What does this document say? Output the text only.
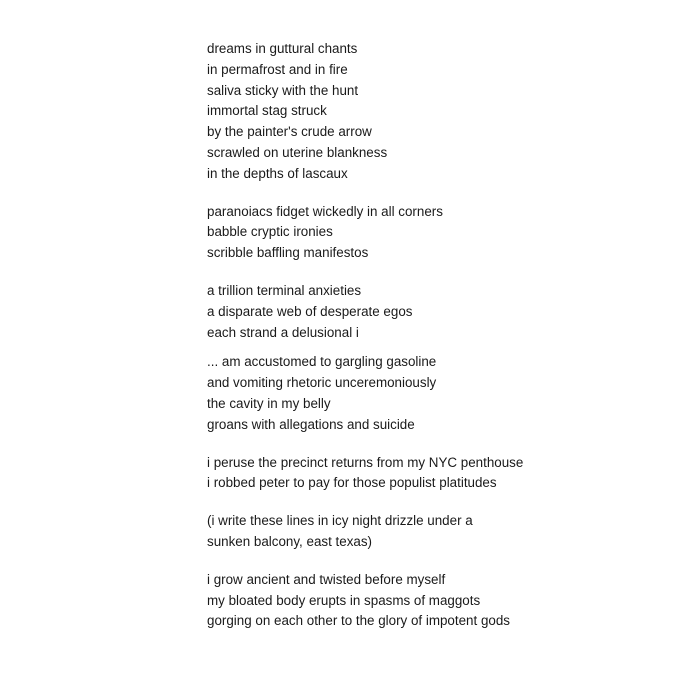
dreams in guttural chants
in permafrost and in fire
saliva sticky with the hunt
immortal stag struck
by the painter's crude arrow
scrawled on uterine blankness
in the depths of lascaux
paranoiacs fidget wickedly in all corners
babble cryptic ironies
scribble baffling manifestos
a trillion terminal anxieties
a disparate web of desperate egos
each strand a delusional i
... am accustomed to gargling gasoline
and vomiting rhetoric unceremoniously
the cavity in my belly
groans with allegations and suicide
i peruse the precinct returns from my NYC penthouse
i robbed peter to pay for those populist platitudes
(i write these lines in icy night drizzle under a
sunken balcony, east texas)
i grow ancient and twisted before myself
my bloated body erupts in spasms of maggots
gorging on each other to the glory of impotent gods
